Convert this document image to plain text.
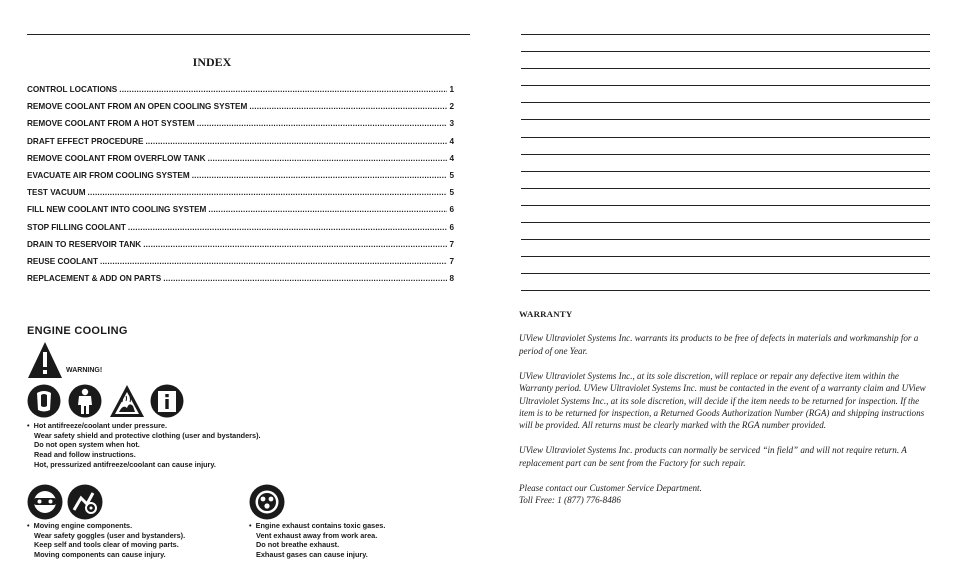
INDEX
CONTROL LOCATIONS .....	1
REMOVE COOLANT FROM AN OPEN COOLING SYSTEM .....	2
REMOVE COOLANT FROM A HOT SYSTEM .....	3
DRAFT EFFECT PROCEDURE .....	4
REMOVE COOLANT FROM OVERFLOW TANK .....	4
EVACUATE AIR FROM COOLING SYSTEM .....	5
TEST VACUUM .....	5
FILL NEW COOLANT INTO COOLING SYSTEM .....	6
STOP FILLING COOLANT .....	6
DRAIN TO RESERVOIR TANK .....	7
REUSE COOLANT .....	7
REPLACEMENT & ADD ON PARTS .....	8
ENGINE COOLING
WARNING!
•  Hot antifreeze/coolant under pressure.
Wear safety shield and protective clothing (user and bystanders).
Do not open system when hot.
Read and follow instructions.
Hot, pressurized antifreeze/coolant can cause injury.
•  Moving engine components.
Wear safety goggles (user and bystanders).
Keep self and tools clear of moving parts.
Moving components can cause injury.
•  Engine exhaust contains toxic gases.
Vent exhaust away from work area.
Do not breathe exhaust.
Exhaust gases can cause injury.
WARRANTY

UView Ultraviolet Systems Inc. warrants its products to be free of defects in materials and workmanship for a period of one Year.

UView Ultraviolet Systems Inc., at its sole discretion, will replace or repair any defective item within the Warranty period. UView Ultraviolet Systems Inc. must be contacted in the event of a warranty claim and UView Ultraviolet Systems Inc., at its sole discretion, will decide if the item needs to be returned for inspection. If the item is to be returned for inspection, a Returned Goods Authorization Number (RGA) and shipping instructions will be provided. All returns must be clearly marked with the RGA number provided.

UView Ultraviolet Systems Inc. products can normally be serviced “in field” and will not require return. A replacement part can be sent from the Factory for such repair.

Please contact our Customer Service Department.

Toll Free: 1 (877) 776-8486
